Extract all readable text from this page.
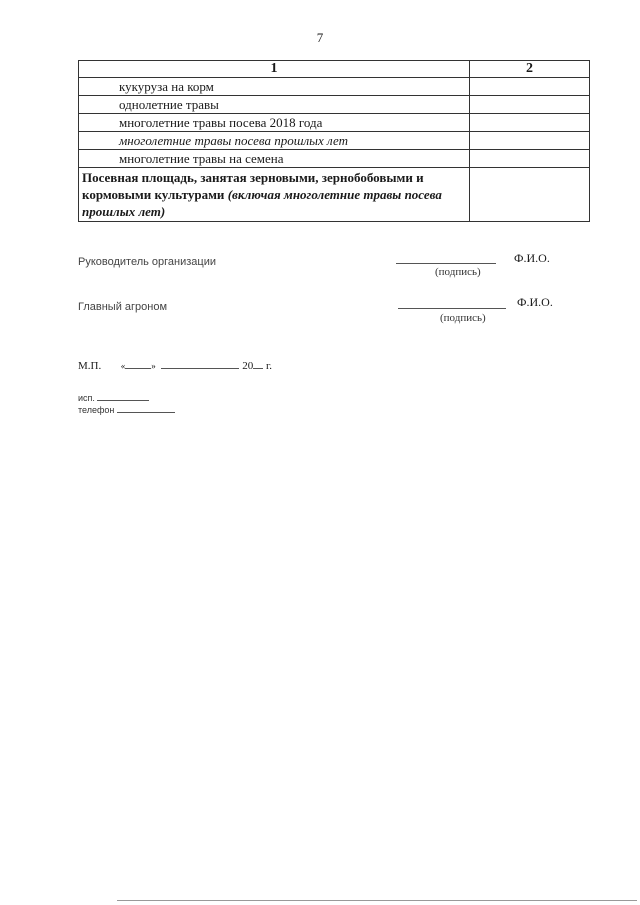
7
1	2
кукуруза на корм	
однолетние травы	
многолетние травы посева 2018 года	
многолетние травы посева прошлых лет	
многолетние травы на семена	
Посевная площадь, занятая зерновыми, зернобобовыми и кормовыми культурами (включая многолетние травы посева прошлых лет)	
Руководитель организации	Ф.И.О.
(подпись)
Главный агроном	Ф.И.О.
(подпись)
М.П. «	»	20 г.
исп.
телефон
